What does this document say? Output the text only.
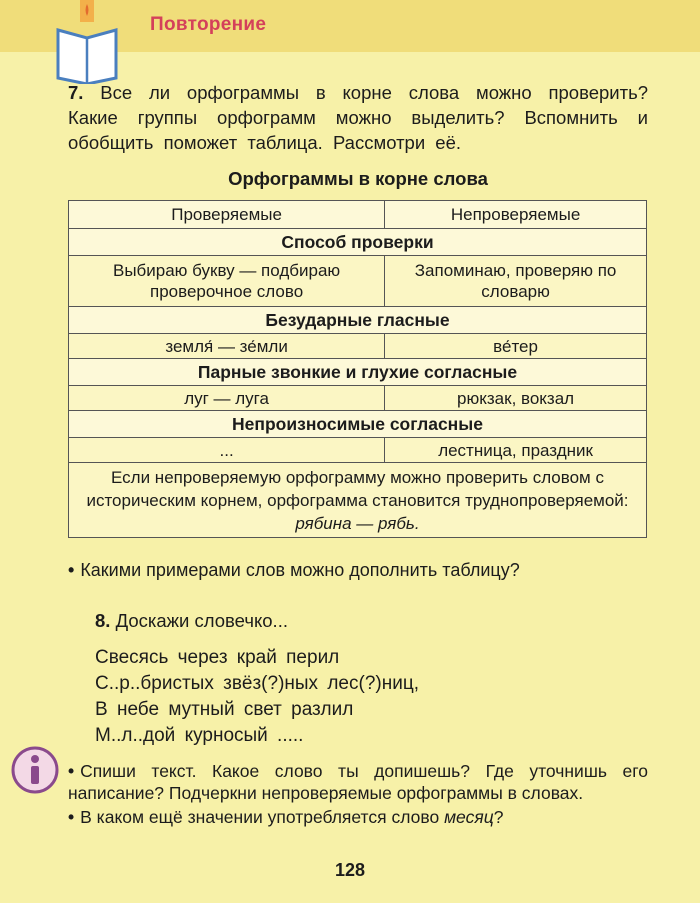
Повторение
7. Все ли орфограммы в корне слова можно проверить? Какие группы орфограмм можно выделить? Вспомнить и обобщить поможет таблица. Рассмотри её.
Орфограммы в корне слова
Проверяемые	Непроверяемые
Способ проверки	
Выбираю букву — подбираю проверочное слово	Запоминаю, проверяю по словарю
Безударные гласные	
земля́ — зе́мли	ве́тер
Парные звонкие и глухие согласные	
луг — луга	рюкзак, вокзал
Непроизносимые согласные	
...	лестница, праздник
Если непроверяемую орфограмму можно проверить словом с историческим корнем, орфограмма становится труднопроверяемой: рябина — рябь.	
• Какими примерами слов можно дополнить таблицу?
8. Доскажи словечко...
Свесясь через край перил
С..р..бристых звёз(?)ных лес(?)ниц,
В небе мутный свет разлил
М..л..дой курносый .....

• Спиши текст. Какое слово ты допишешь? Где уточнишь его написание? Подчеркни непроверяемые орфограммы в словах.

• В каком ещё значении употребляется слово месяц?

128
